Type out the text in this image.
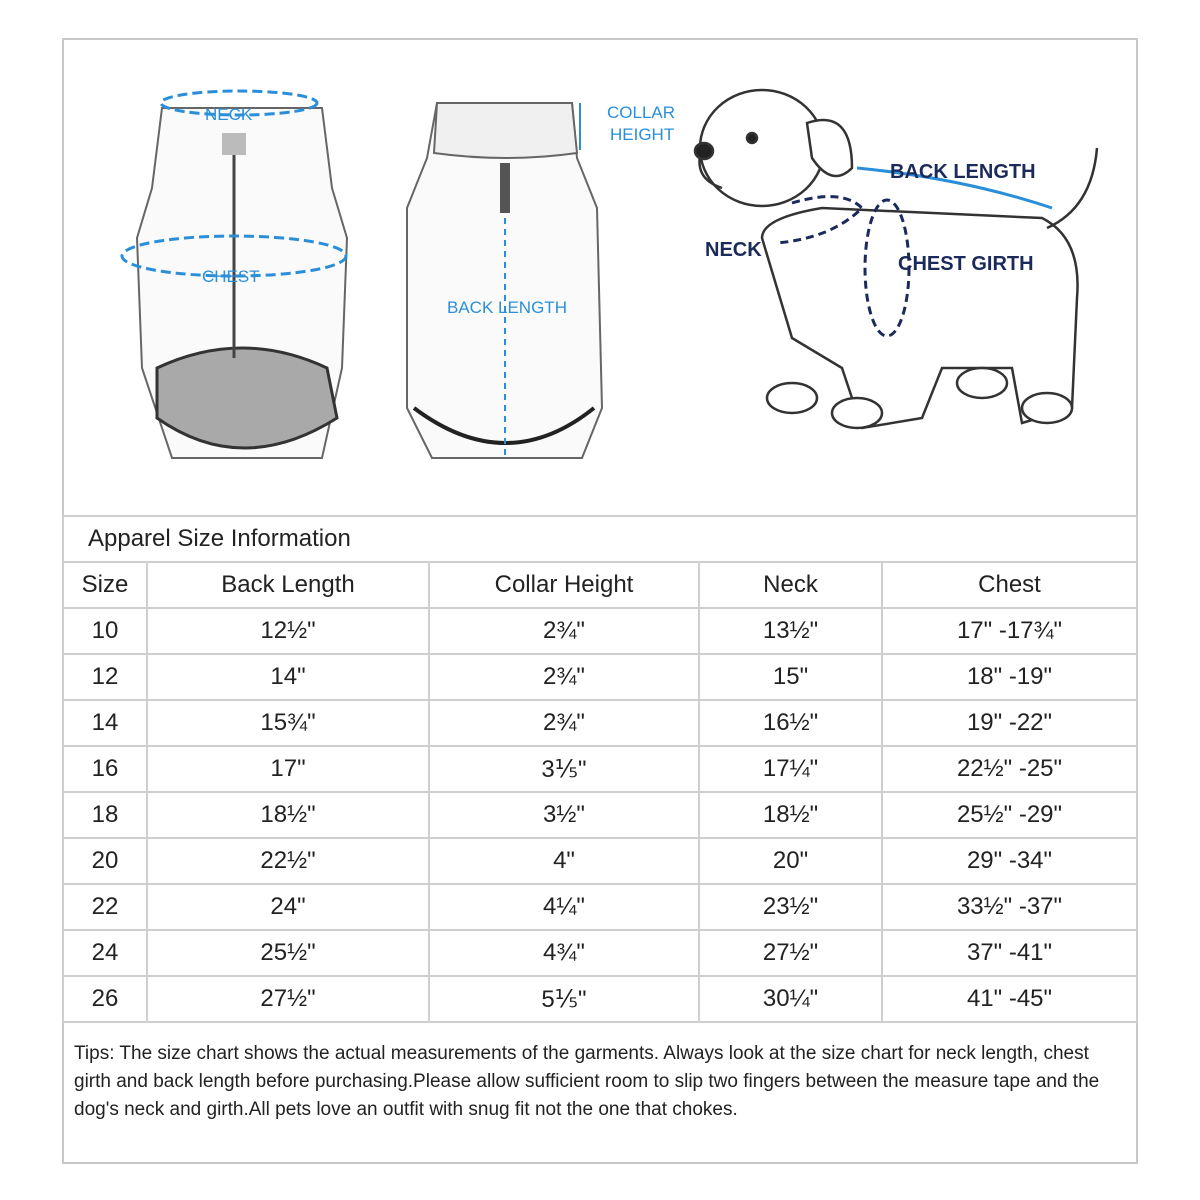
NECK
CHEST
BACK LENGTH
COLLAR
HEIGHT
BACK LENGTH
NECK
CHEST GIRTH
Apparel Size Information				
Size	Back Length	Collar Height	Neck	Chest
10	12½"	2¾"	13½"	17" -17¾"
12	14"	2¾"	15"	18" -19"
14	15¾"	2¾"	16½"	19" -22"
16	17"	3⅕"	17¼"	22½" -25"
18	18½"	3½"	18½"	25½" -29"
20	22½"	4"	20"	29" -34"
22	24"	4¼"	23½"	33½" -37"
24	25½"	4¾"	27½"	37" -41"
26	27½"	5⅕"	30¼"	41" -45"
Tips: The size chart shows the actual measurements of the garments. Always look at the size chart for neck length, chest girth and back length before purchasing.Please allow sufficient room to slip two fingers between the measure tape and the dog's neck and girth.All pets love an outfit with snug fit not the one that chokes.
